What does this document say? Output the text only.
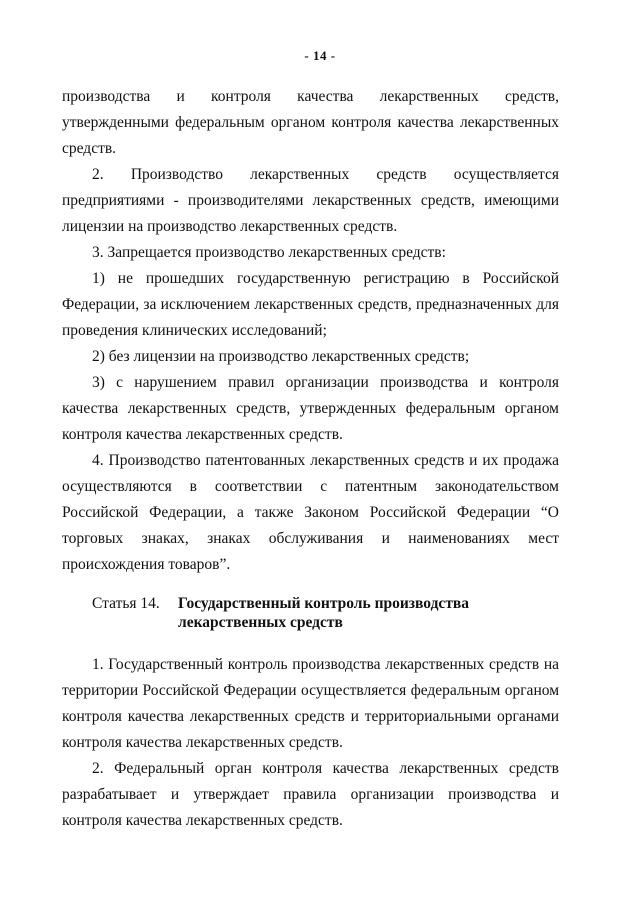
- 14 -

производства и контроля качества лекарственных средств, утвержденными федеральным органом контроля качества лекарственных средств.

2. Производство лекарственных средств осуществляется предприятиями - производителями лекарственных средств, имеющими лицензии на производство лекарственных средств.

3. Запрещается производство лекарственных средств:

1) не прошедших государственную регистрацию в Российской Федерации, за исключением лекарственных средств, предназначенных для проведения клинических исследований;

2) без лицензии на производство лекарственных средств;

3) с нарушением правил организации производства и контроля качества лекарственных средств, утвержденных федеральным органом контроля качества лекарственных средств.

4. Производство патентованных лекарственных средств и их продажа осуществляются в соответствии с патентным законодательством Российской Федерации, а также Законом Российской Федерации “О торговых знаках, знаках обслуживания и наименованиях мест происхождения товаров”.

Статья 14. Государственный контроль производства
лекарственных средств

1. Государственный контроль производства лекарственных средств на территории Российской Федерации осуществляется федеральным органом контроля качества лекарственных средств и территориальными органами контроля качества лекарственных средств.

2. Федеральный орган контроля качества лекарственных средств разрабатывает и утверждает правила организации производства и контроля качества лекарственных средств.
